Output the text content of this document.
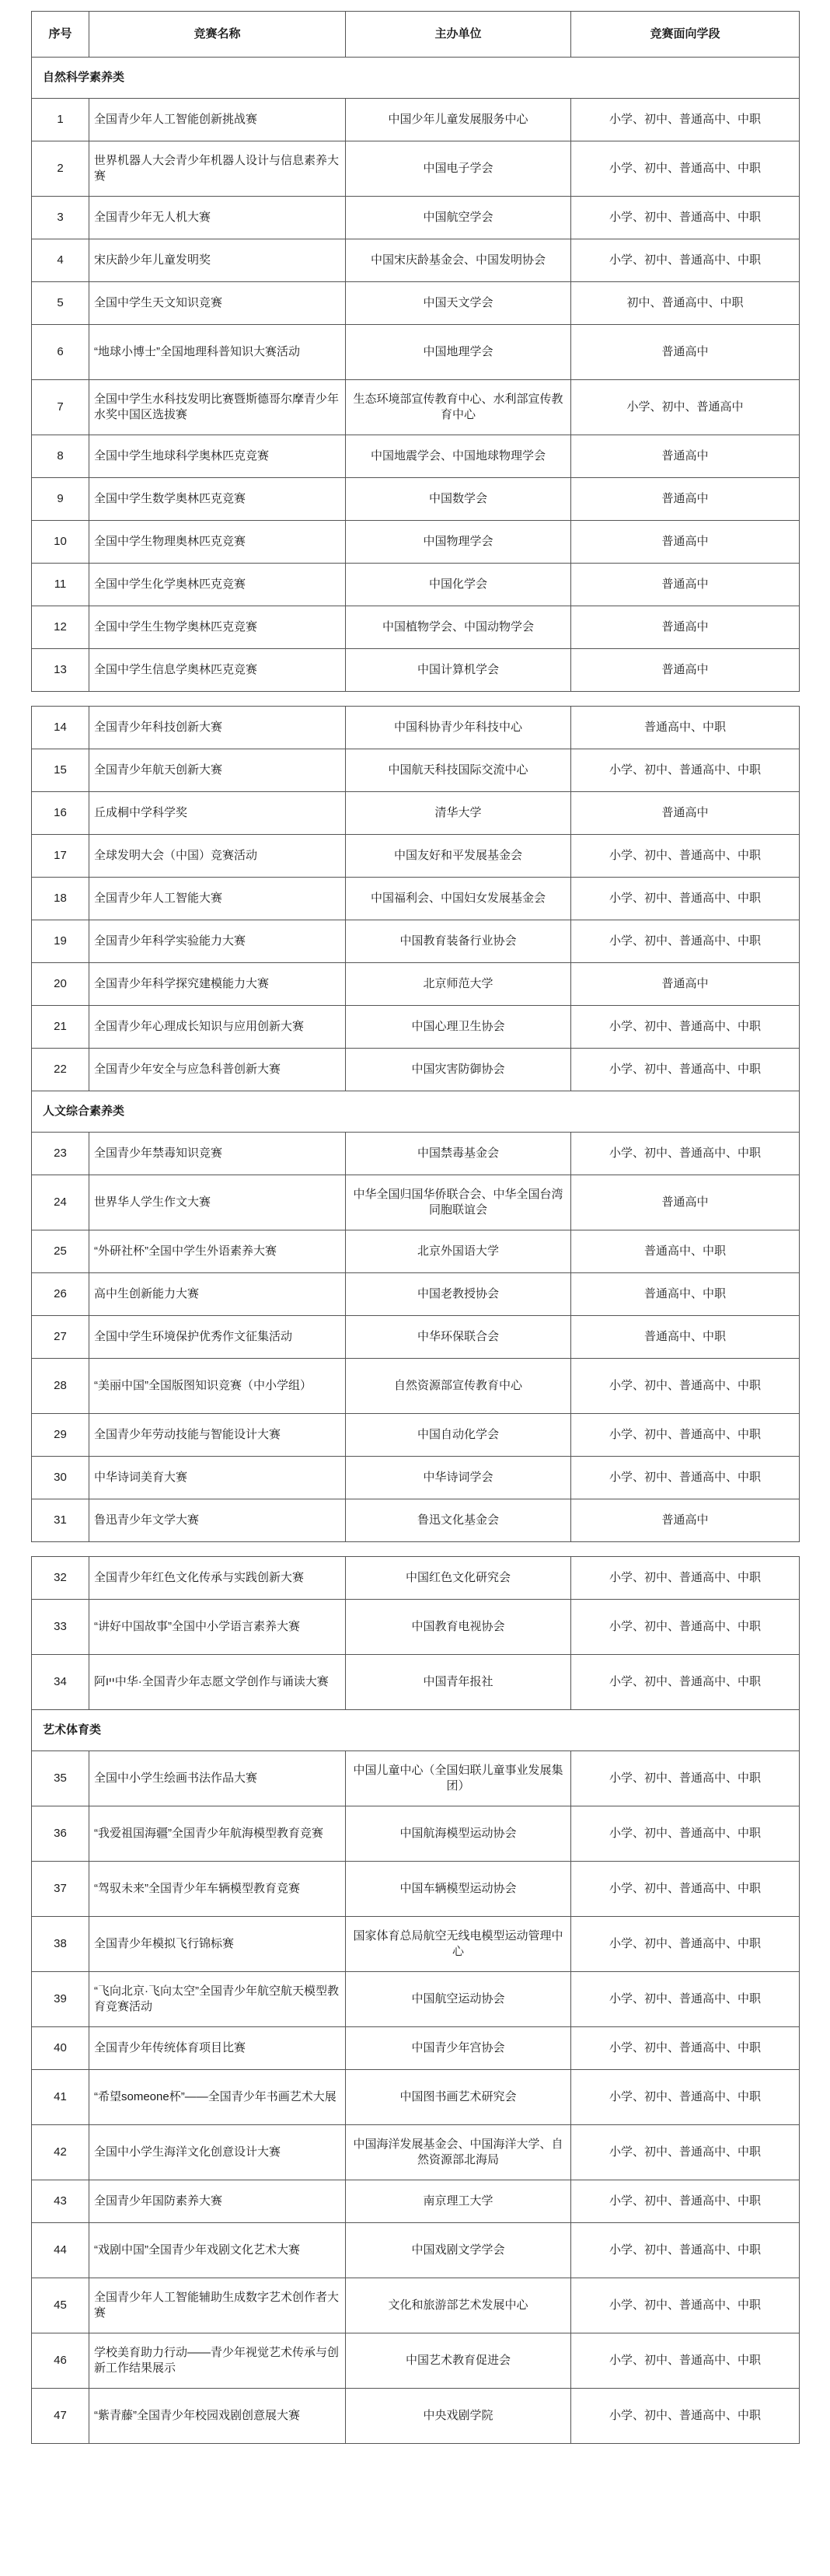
序号	竞赛名称	主办单位	竞赛面向学段
自然科学素养类			
1	全国青少年人工智能创新挑战赛	中国少年儿童发展服务中心	小学、初中、普通高中、中职
2	世界机器人大会青少年机器人设计与信息素养大赛	中国电子学会	小学、初中、普通高中、中职
3	全国青少年无人机大赛	中国航空学会	小学、初中、普通高中、中职
4	宋庆龄少年儿童发明奖	中国宋庆龄基金会、中国发明协会	小学、初中、普通高中、中职
5	全国中学生天文知识竞赛	中国天文学会	初中、普通高中、中职
6	“地球小博士”全国地理科普知识大赛活动	中国地理学会	普通高中
7	全国中学生水科技发明比赛暨斯德哥尔摩青少年水奖中国区选拔赛	生态环境部宣传教育中心、水利部宣传教育中心	小学、初中、普通高中
8	全国中学生地球科学奥林匹克竞赛	中国地震学会、中国地球物理学会	普通高中
9	全国中学生数学奥林匹克竞赛	中国数学会	普通高中
10	全国中学生物理奥林匹克竞赛	中国物理学会	普通高中
11	全国中学生化学奥林匹克竞赛	中国化学会	普通高中
12	全国中学生生物学奥林匹克竞赛	中国植物学会、中国动物学会	普通高中
13	全国中学生信息学奥林匹克竞赛	中国计算机学会	普通高中
14	全国青少年科技创新大赛	中国科协青少年科技中心	普通高中、中职
15	全国青少年航天创新大赛	中国航天科技国际交流中心	小学、初中、普通高中、中职
16	丘成桐中学科学奖	清华大学	普通高中
17	全球发明大会（中国）竞赛活动	中国友好和平发展基金会	小学、初中、普通高中、中职
18	全国青少年人工智能大赛	中国福利会、中国妇女发展基金会	小学、初中、普通高中、中职
19	全国青少年科学实验能力大赛	中国教育装备行业协会	小学、初中、普通高中、中职
20	全国青少年科学探究建模能力大赛	北京师范大学	普通高中
21	全国青少年心理成长知识与应用创新大赛	中国心理卫生协会	小学、初中、普通高中、中职
22	全国青少年安全与应急科普创新大赛	中国灾害防御协会	小学、初中、普通高中、中职
人文综合素养类			
23	全国青少年禁毒知识竞赛	中国禁毒基金会	小学、初中、普通高中、中职
24	世界华人学生作文大赛	中华全国归国华侨联合会、中华全国台湾同胞联谊会	普通高中
25	“外研社杯”全国中学生外语素养大赛	北京外国语大学	普通高中、中职
26	高中生创新能力大赛	中国老教授协会	普通高中、中职
27	全国中学生环境保护优秀作文征集活动	中华环保联合会	普通高中、中职
28	“美丽中国”全国版图知识竞赛（中小学组）	自然资源部宣传教育中心	小学、初中、普通高中、中职
29	全国青少年劳动技能与智能设计大赛	中国自动化学会	小学、初中、普通高中、中职
30	中华诗词美育大赛	中华诗词学会	小学、初中、普通高中、中职
31	鲁迅青少年文学大赛	鲁迅文化基金会	普通高中
32	全国青少年红色文化传承与实践创新大赛	中国红色文化研究会	小学、初中、普通高中、中职
33	“讲好中国故事”全国中小学语言素养大赛	中国教育电视协会	小学、初中、普通高中、中职
34	阿ייו中华·全国青少年志愿文学创作与诵读大赛	中国青年报社	小学、初中、普通高中、中职
艺术体育类			
35	全国中小学生绘画书法作品大赛	中国儿童中心（全国妇联儿童事业发展集团）	小学、初中、普通高中、中职
36	“我爱祖国海疆”全国青少年航海模型教育竞赛	中国航海模型运动协会	小学、初中、普通高中、中职
37	“驾驭未来”全国青少年车辆模型教育竞赛	中国车辆模型运动协会	小学、初中、普通高中、中职
38	全国青少年模拟飞行锦标赛	国家体育总局航空无线电模型运动管理中心	小学、初中、普通高中、中职
39	“飞向北京·飞向太空”全国青少年航空航天模型教育竞赛活动	中国航空运动协会	小学、初中、普通高中、中职
40	全国青少年传统体育项目比赛	中国青少年宫协会	小学、初中、普通高中、中职
41	“希望someone杯”——全国青少年书画艺术大展	中国图书画艺术研究会	小学、初中、普通高中、中职
42	全国中小学生海洋文化创意设计大赛	中国海洋发展基金会、中国海洋大学、自然资源部北海局	小学、初中、普通高中、中职
43	全国青少年国防素养大赛	南京理工大学	小学、初中、普通高中、中职
44	“戏剧中国”全国青少年戏剧文化艺术大赛	中国戏剧文学学会	小学、初中、普通高中、中职
45	全国青少年人工智能辅助生成数字艺术创作者大赛	文化和旅游部艺术发展中心	小学、初中、普通高中、中职
46	学校美育助力行动——青少年视觉艺术传承与创新工作结果展示	中国艺术教育促进会	小学、初中、普通高中、中职
47	“紫青藤”全国青少年校园戏剧创意展大赛	中央戏剧学院	小学、初中、普通高中、中职
